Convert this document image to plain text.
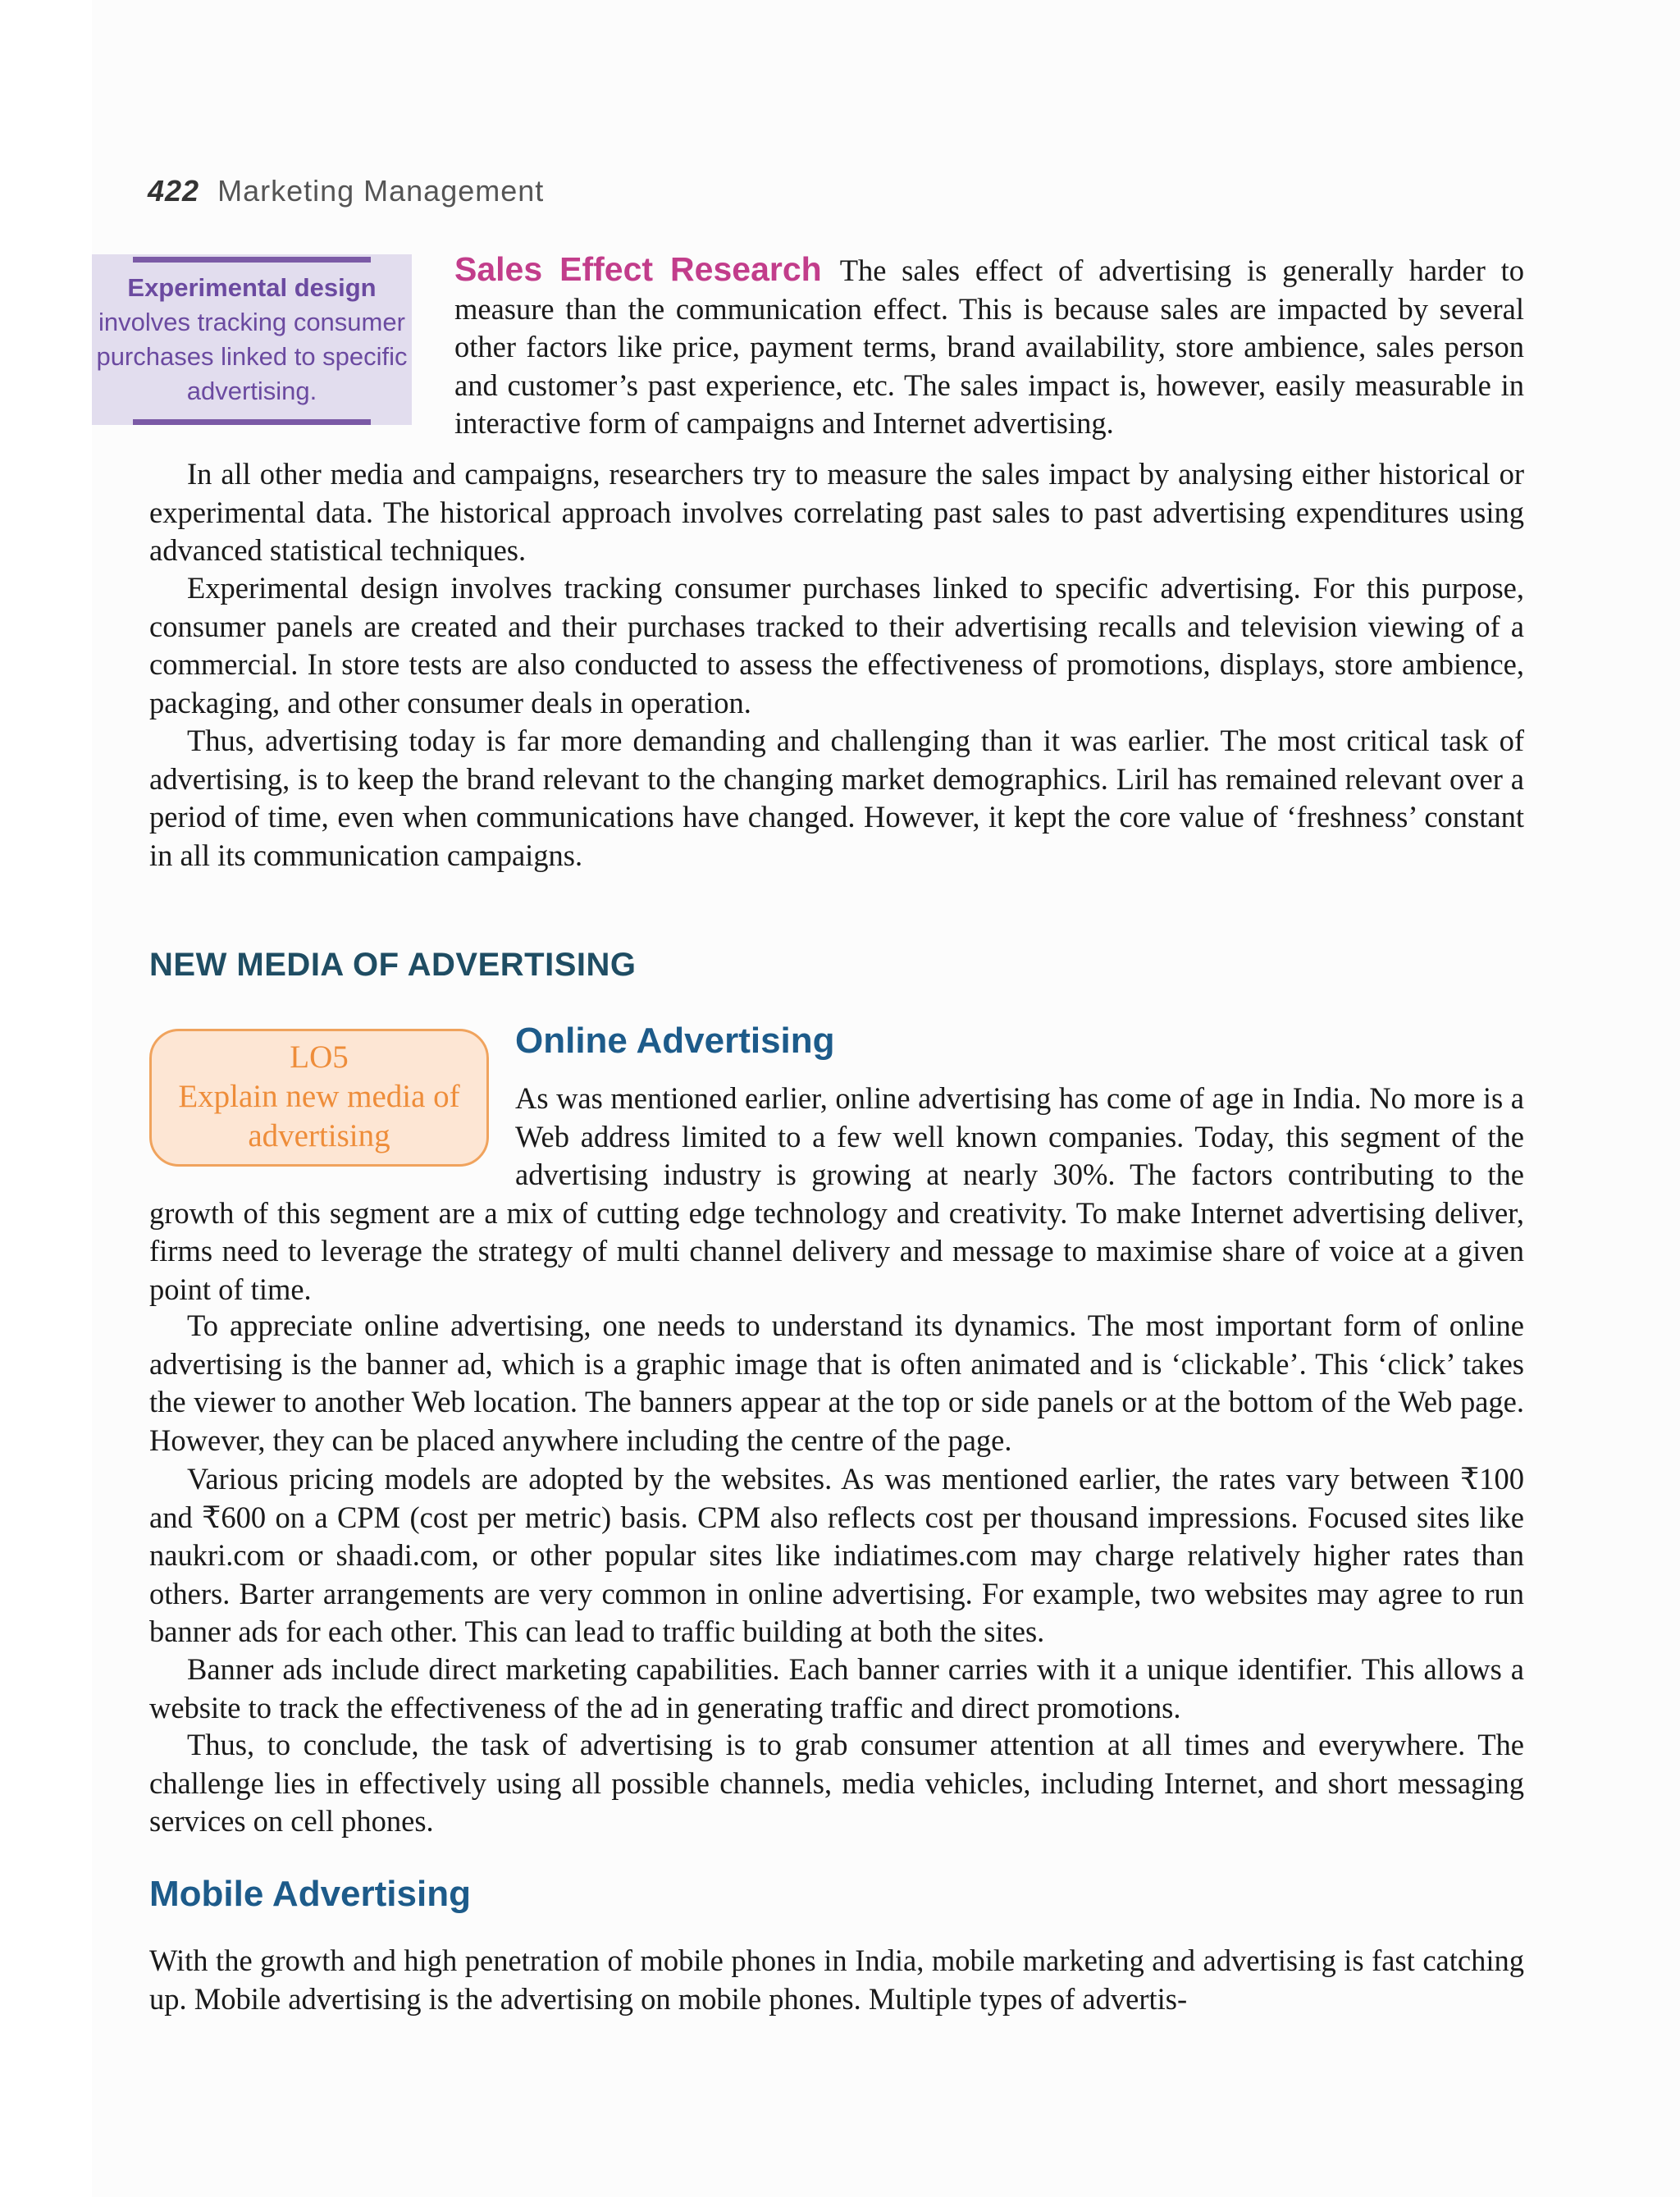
422 Marketing Management
Experimental design
involves tracking consumer purchases linked to specific advertising.

Sales Effect Research The sales effect of advertising is generally harder to measure than the communication effect. This is because sales are impacted by several other factors like price, payment terms, brand availability, store ambience, sales person and customer’s past experience, etc. The sales impact is, however, easily measurable in interactive form of campaigns and Internet advertising.

In all other media and campaigns, researchers try to measure the sales impact by analysing either historical or experimental data. The historical approach involves correlating past sales to past advertising expenditures using advanced statistical techniques.

Experimental design involves tracking consumer purchases linked to specific advertising. For this purpose, consumer panels are created and their purchases tracked to their advertising recalls and television viewing of a commercial. In store tests are also conducted to assess the effectiveness of promotions, displays, store ambience, packaging, and other consumer deals in operation.

Thus, advertising today is far more demanding and challenging than it was earlier. The most critical task of advertising, is to keep the brand relevant to the changing market demographics. Liril has remained relevant over a period of time, even when communications have changed. However, it kept the core value of ‘freshness’ constant in all its communication campaigns.

NEW MEDIA OF ADVERTISING
LO5
Explain new media of advertising
Online Advertising

As was mentioned earlier, online advertising has come of age in India. No more is a Web address limited to a few well known companies. Today, this segment of the advertising industry is growing at nearly 30%. The factors contributing to the growth of this segment are a mix of cutting edge technology and creativity. To make Internet advertising deliver, firms need to leverage the strategy of multi channel delivery and message to maximise share of voice at a given point of time.

To appreciate online advertising, one needs to understand its dynamics. The most important form of online advertising is the banner ad, which is a graphic image that is often animated and is ‘clickable’. This ‘click’ takes the viewer to another Web location. The banners appear at the top or side panels or at the bottom of the Web page. However, they can be placed anywhere including the centre of the page.

Various pricing models are adopted by the websites. As was mentioned earlier, the rates vary between ₹100 and ₹600 on a CPM (cost per metric) basis. CPM also reflects cost per thousand impressions. Focused sites like naukri.com or shaadi.com, or other popular sites like indiatimes.com may charge relatively higher rates than others. Barter arrangements are very common in online advertising. For example, two websites may agree to run banner ads for each other. This can lead to traffic building at both the sites.

Banner ads include direct marketing capabilities. Each banner carries with it a unique identifier. This allows a website to track the effectiveness of the ad in generating traffic and direct promotions.

Thus, to conclude, the task of advertising is to grab consumer attention at all times and everywhere. The challenge lies in effectively using all possible channels, media vehicles, including Internet, and short messaging services on cell phones.

Mobile Advertising

With the growth and high penetration of mobile phones in India, mobile marketing and advertising is fast catching up. Mobile advertising is the advertising on mobile phones. Multiple types of advertis-
